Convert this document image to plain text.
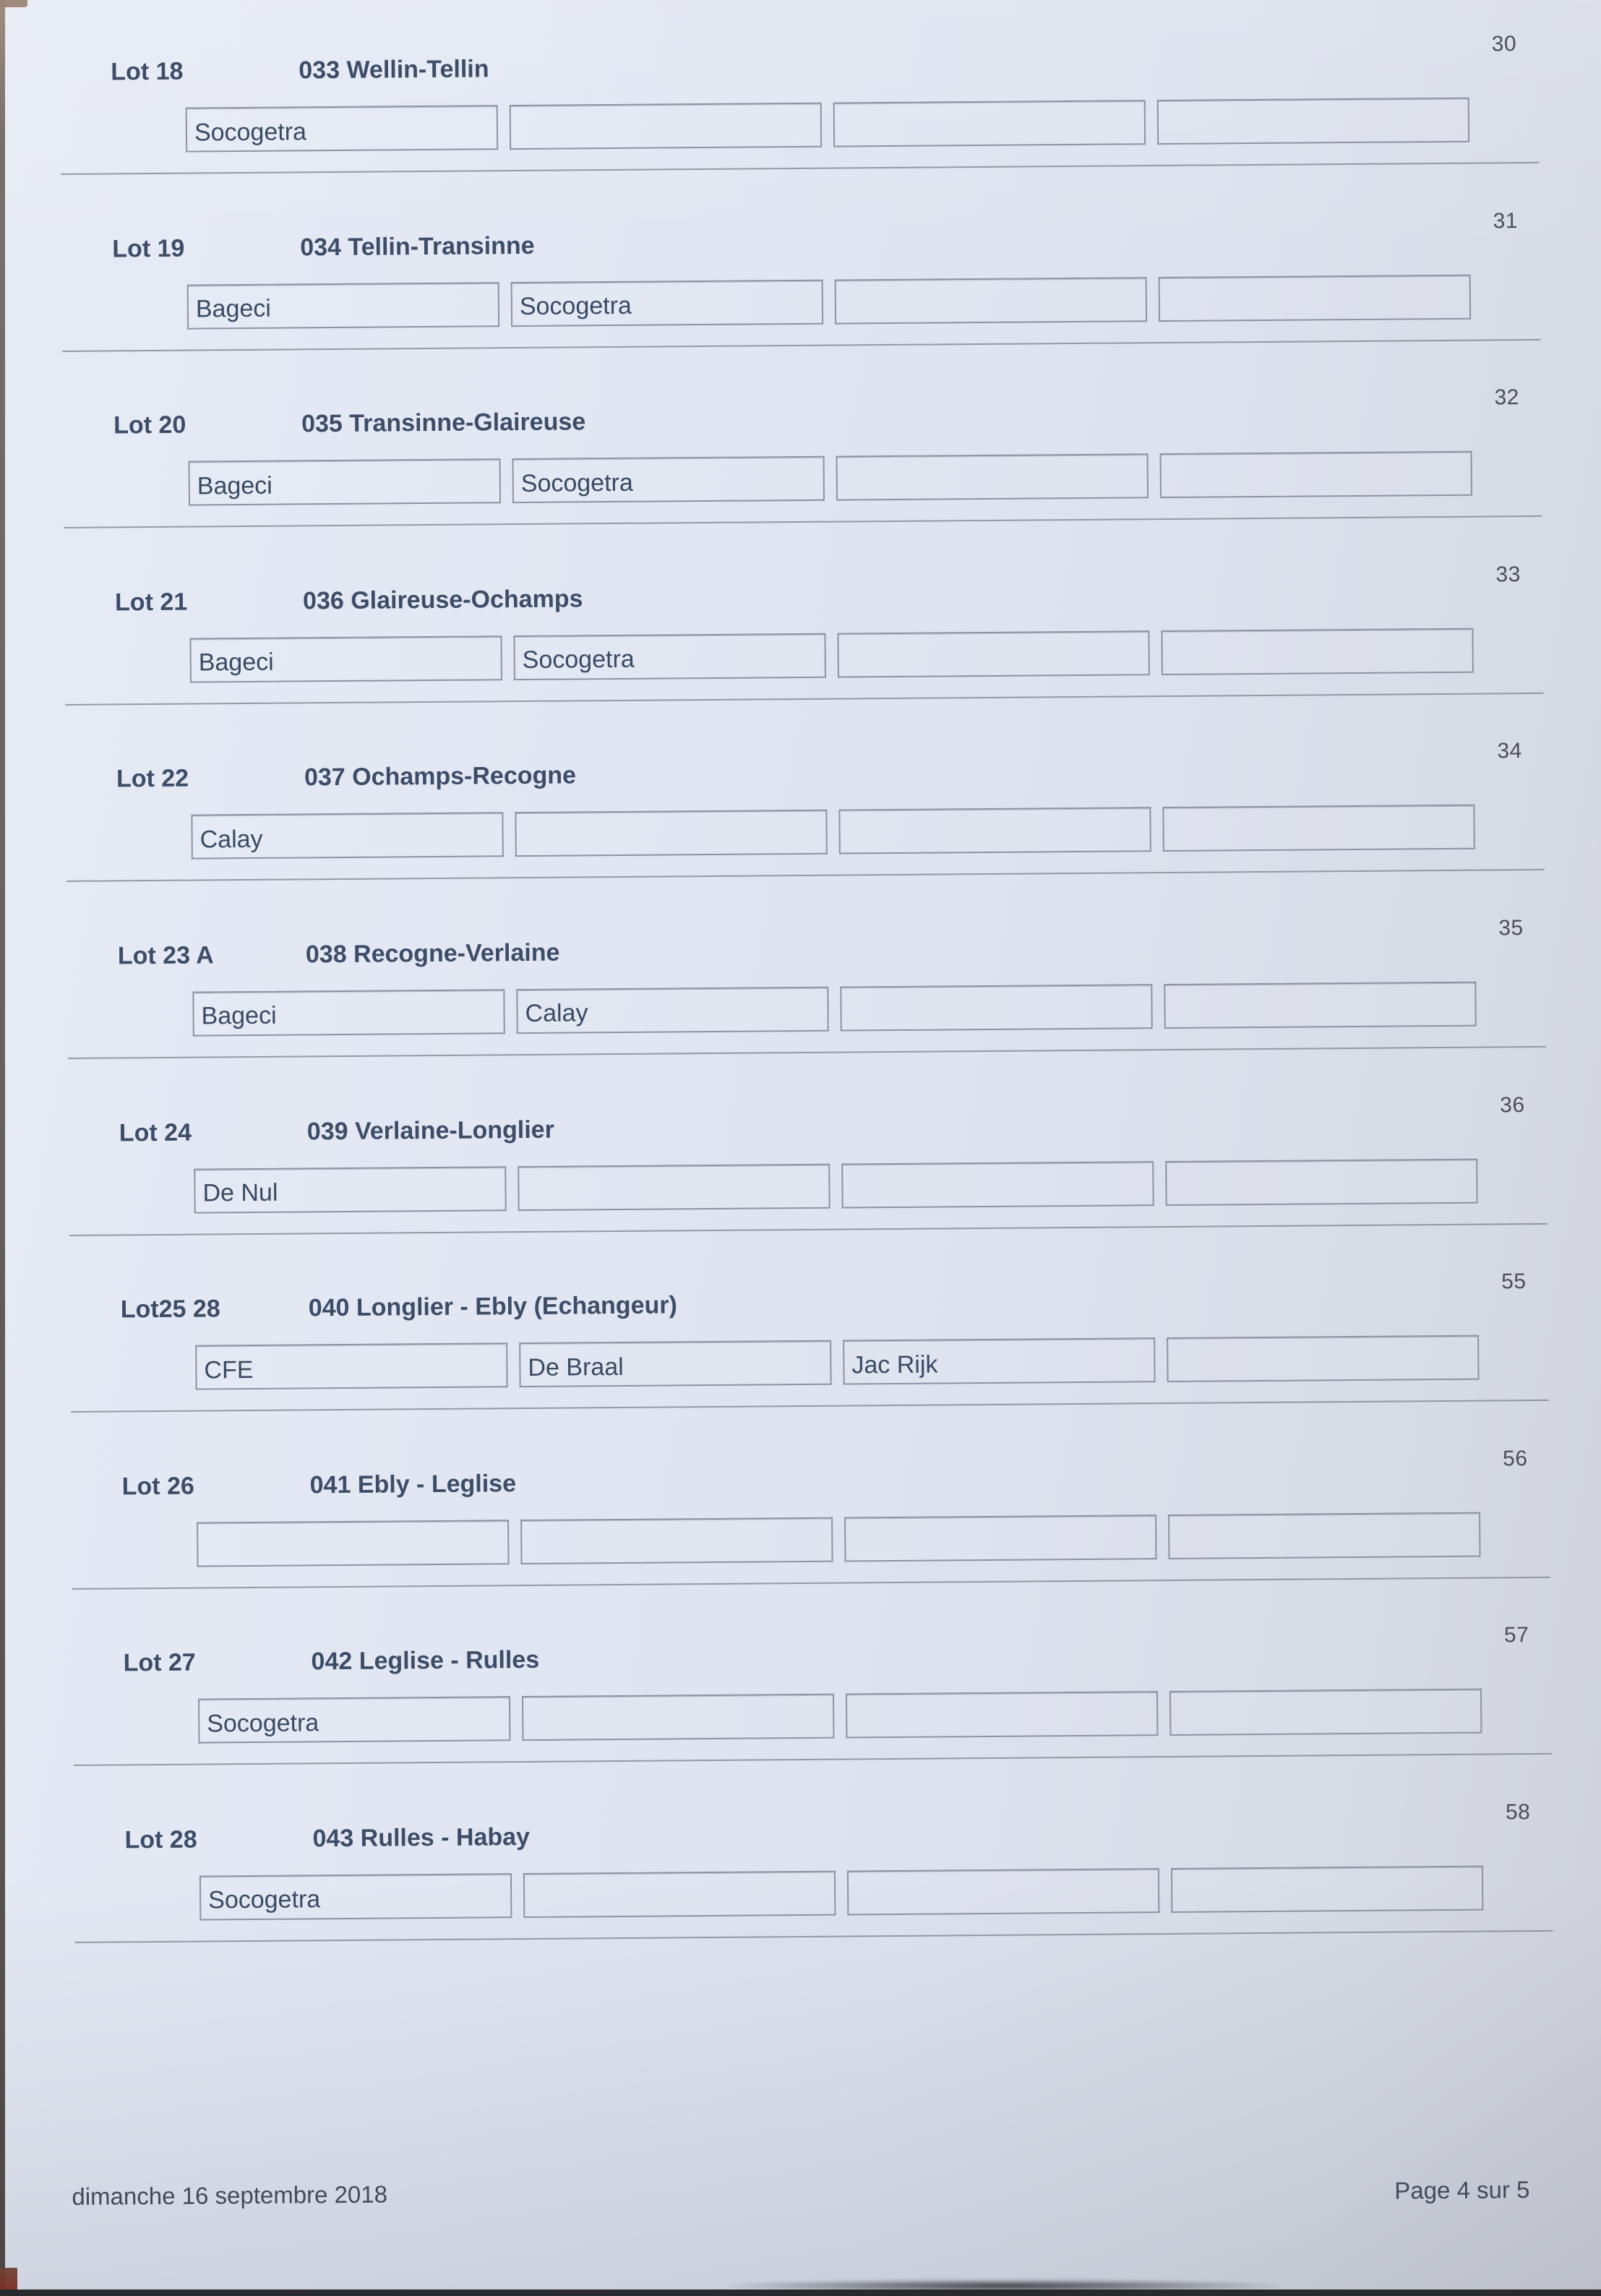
30
Lot 18	033 Wellin-Tellin
Socogetra
31
Lot 19	034 Tellin-Transinne
Bageci	Socogetra
32
Lot 20	035 Transinne-Glaireuse
Bageci	Socogetra
33
Lot 21	036 Glaireuse-Ochamps
Bageci	Socogetra
34
Lot 22	037 Ochamps-Recogne
Calay
35
Lot 23 A	038 Recogne-Verlaine
Bageci	Calay
36
Lot 24	039 Verlaine-Longlier
De Nul
55
Lot25 28	040 Longlier - Ebly (Echangeur)
CFE	De Braal	Jac Rijk
56
Lot 26	041 Ebly - Leglise
57
Lot 27	042 Leglise - Rulles
Socogetra
58
Lot 28	043 Rulles - Habay
Socogetra
dimanche 16 septembre 2018	Page 4 sur 5
